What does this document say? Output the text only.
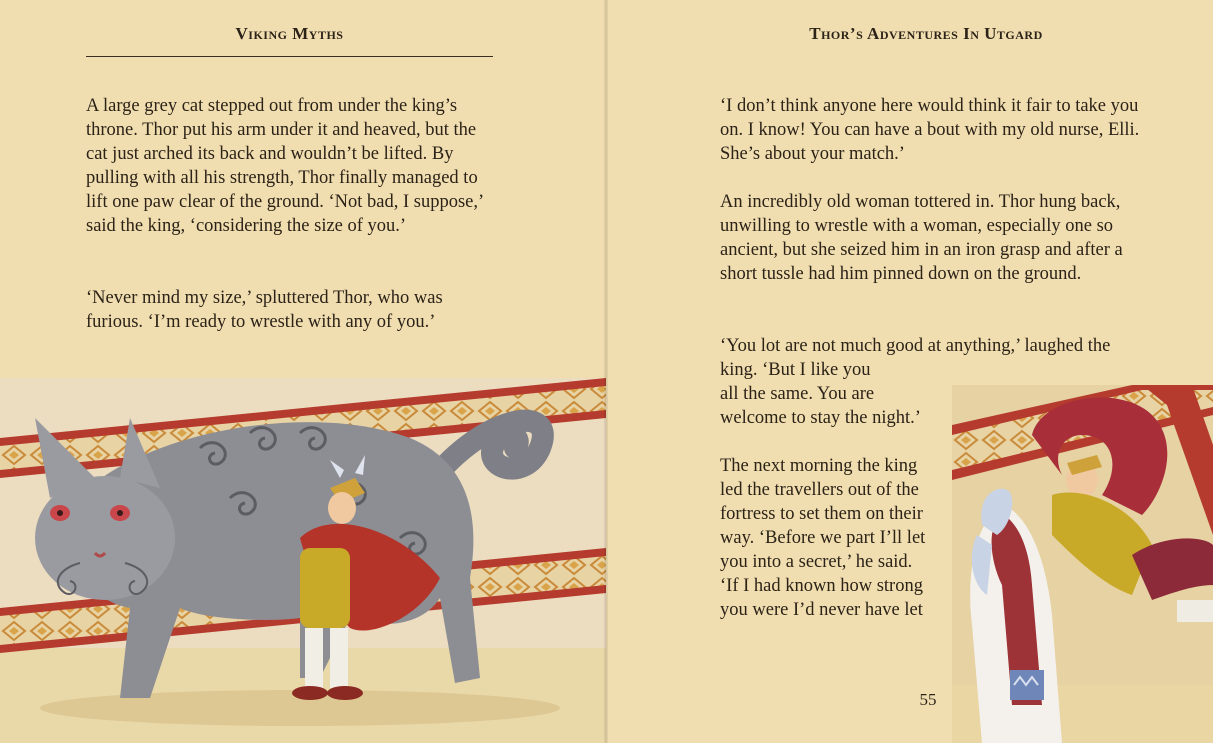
Viking Myths

A large grey cat stepped out from under the king’s throne. Thor put his arm under it and heaved, but the cat just arched its back and wouldn’t be lifted. By pulling with all his strength, Thor finally managed to lift one paw clear of the ground. ‘Not bad, I suppose,’ said the king, ‘considering the size of you.’

‘Never mind my size,’ spluttered Thor, who was furious. ‘I’m ready to wrestle with any of you.’

Thor’s Adventures In Utgard

‘I don’t think anyone here would think it fair to take you on. I know! You can have a bout with my old nurse, Elli. She’s about your match.’

An incredibly old woman tottered in. Thor hung back, unwilling to wrestle with a woman, especially one so ancient, but she seized him in an iron grasp and after a short tussle had him pinned down on the ground.

‘You lot are not much good at anything,’ laughed the king. ‘But I like you

all the same. You are welcome to stay the night.’

The next morning the king led the travellers out of the fortress to set them on their way. ‘Before we part I’ll let you into a secret,’ he said. ‘If I had known how strong you were I’d never have let

55
